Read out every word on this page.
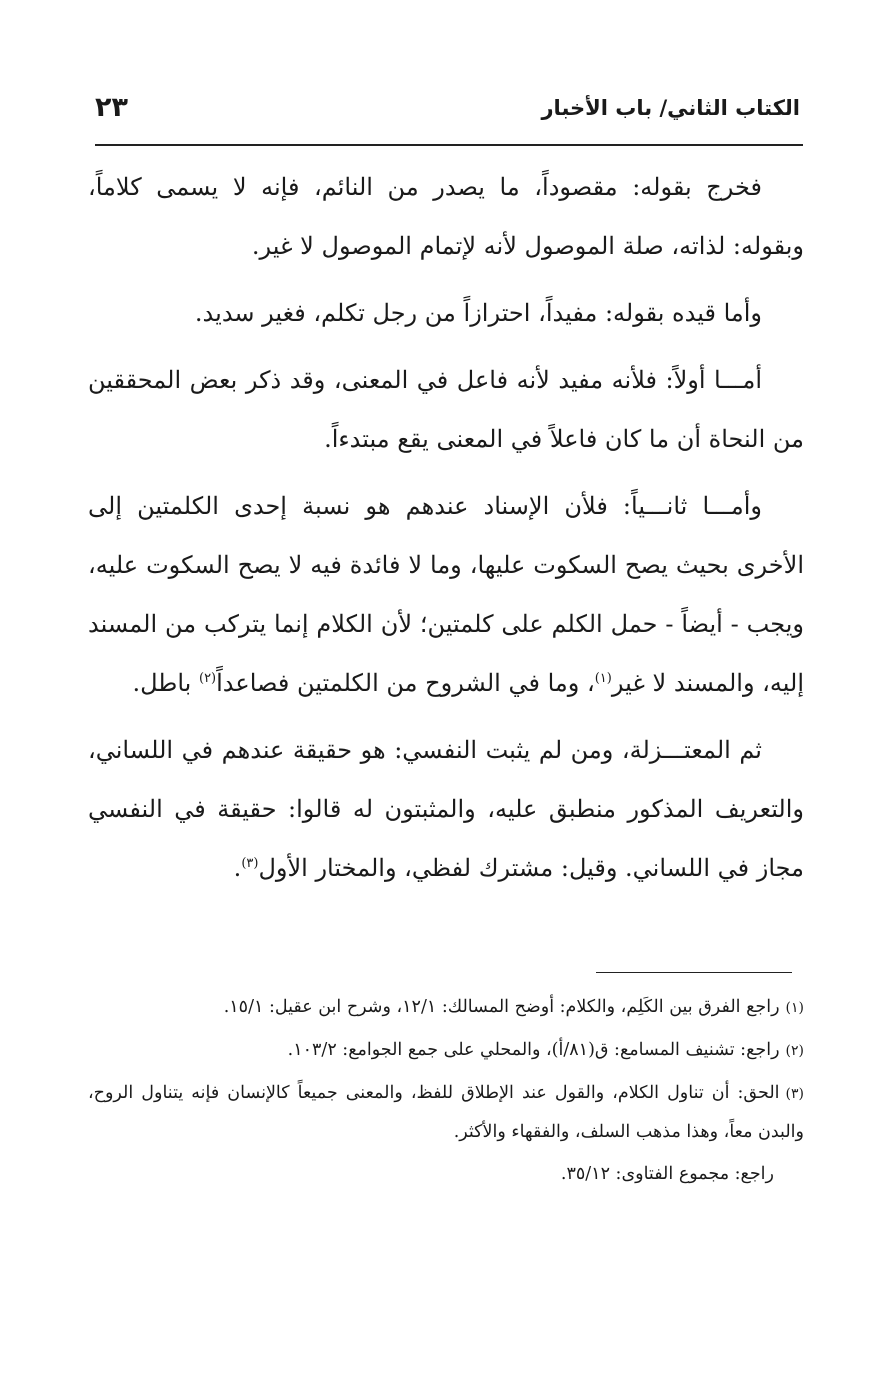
الكتاب الثاني/ باب الأخبار
٢٣

فخرج بقوله: مقصوداً، ما يصدر من النائم، فإنه لا يسمى كلاماً، وبقوله: لذاته، صلة الموصول لأنه لإتمام الموصول لا غير.

وأما قيده بقوله: مفيداً، احترازاً من رجل تكلم، فغير سديد.

أمـــا أولاً: فلأنه مفيد لأنه فاعل في المعنى، وقد ذكر بعض المحققين من النحاة أن ما كان فاعلاً في المعنى يقع مبتدءاً.

وأمـــا ثانـــياً: فلأن الإسناد عندهم هو نسبة إحدى الكلمتين إلى الأخرى بحيث يصح السكوت عليها، وما لا فائدة فيه لا يصح السكوت عليه، ويجب - أيضاً - حمل الكلم على كلمتين؛ لأن الكلام إنما يتركب من المسند إليه، والمسند لا غير$^{(١)}$، وما في الشروح من الكلمتين فصاعداً$^{(٢)}$ باطل.

ثم المعتـــزلة، ومن لم يثبت النفسي: هو حقيقة عندهم في اللساني، والتعريف المذكور منطبق عليه، والمثبتون له قالوا: حقيقة في النفسي مجاز في اللساني. وقيل: مشترك لفظي، والمختار الأول$^{(٣)}$.

(١)راجع الفرق بين الكَلِم، والكلام: أوضح المسالك: ١٢/١، وشرح ابن عقيل: ١٥/١.

(٢)راجع: تشنيف المسامع: ق(٨١/أ)، والمحلي على جمع الجوامع: ١٠٣/٢.

(٣)الحق: أن تناول الكلام، والقول عند الإطلاق للفظ، والمعنى جميعاً كالإنسان فإنه يتناول الروح، والبدن معاً، وهذا مذهب السلف، والفقهاء والأكثر.

راجع: مجموع الفتاوى: ٣٥/١٢.
